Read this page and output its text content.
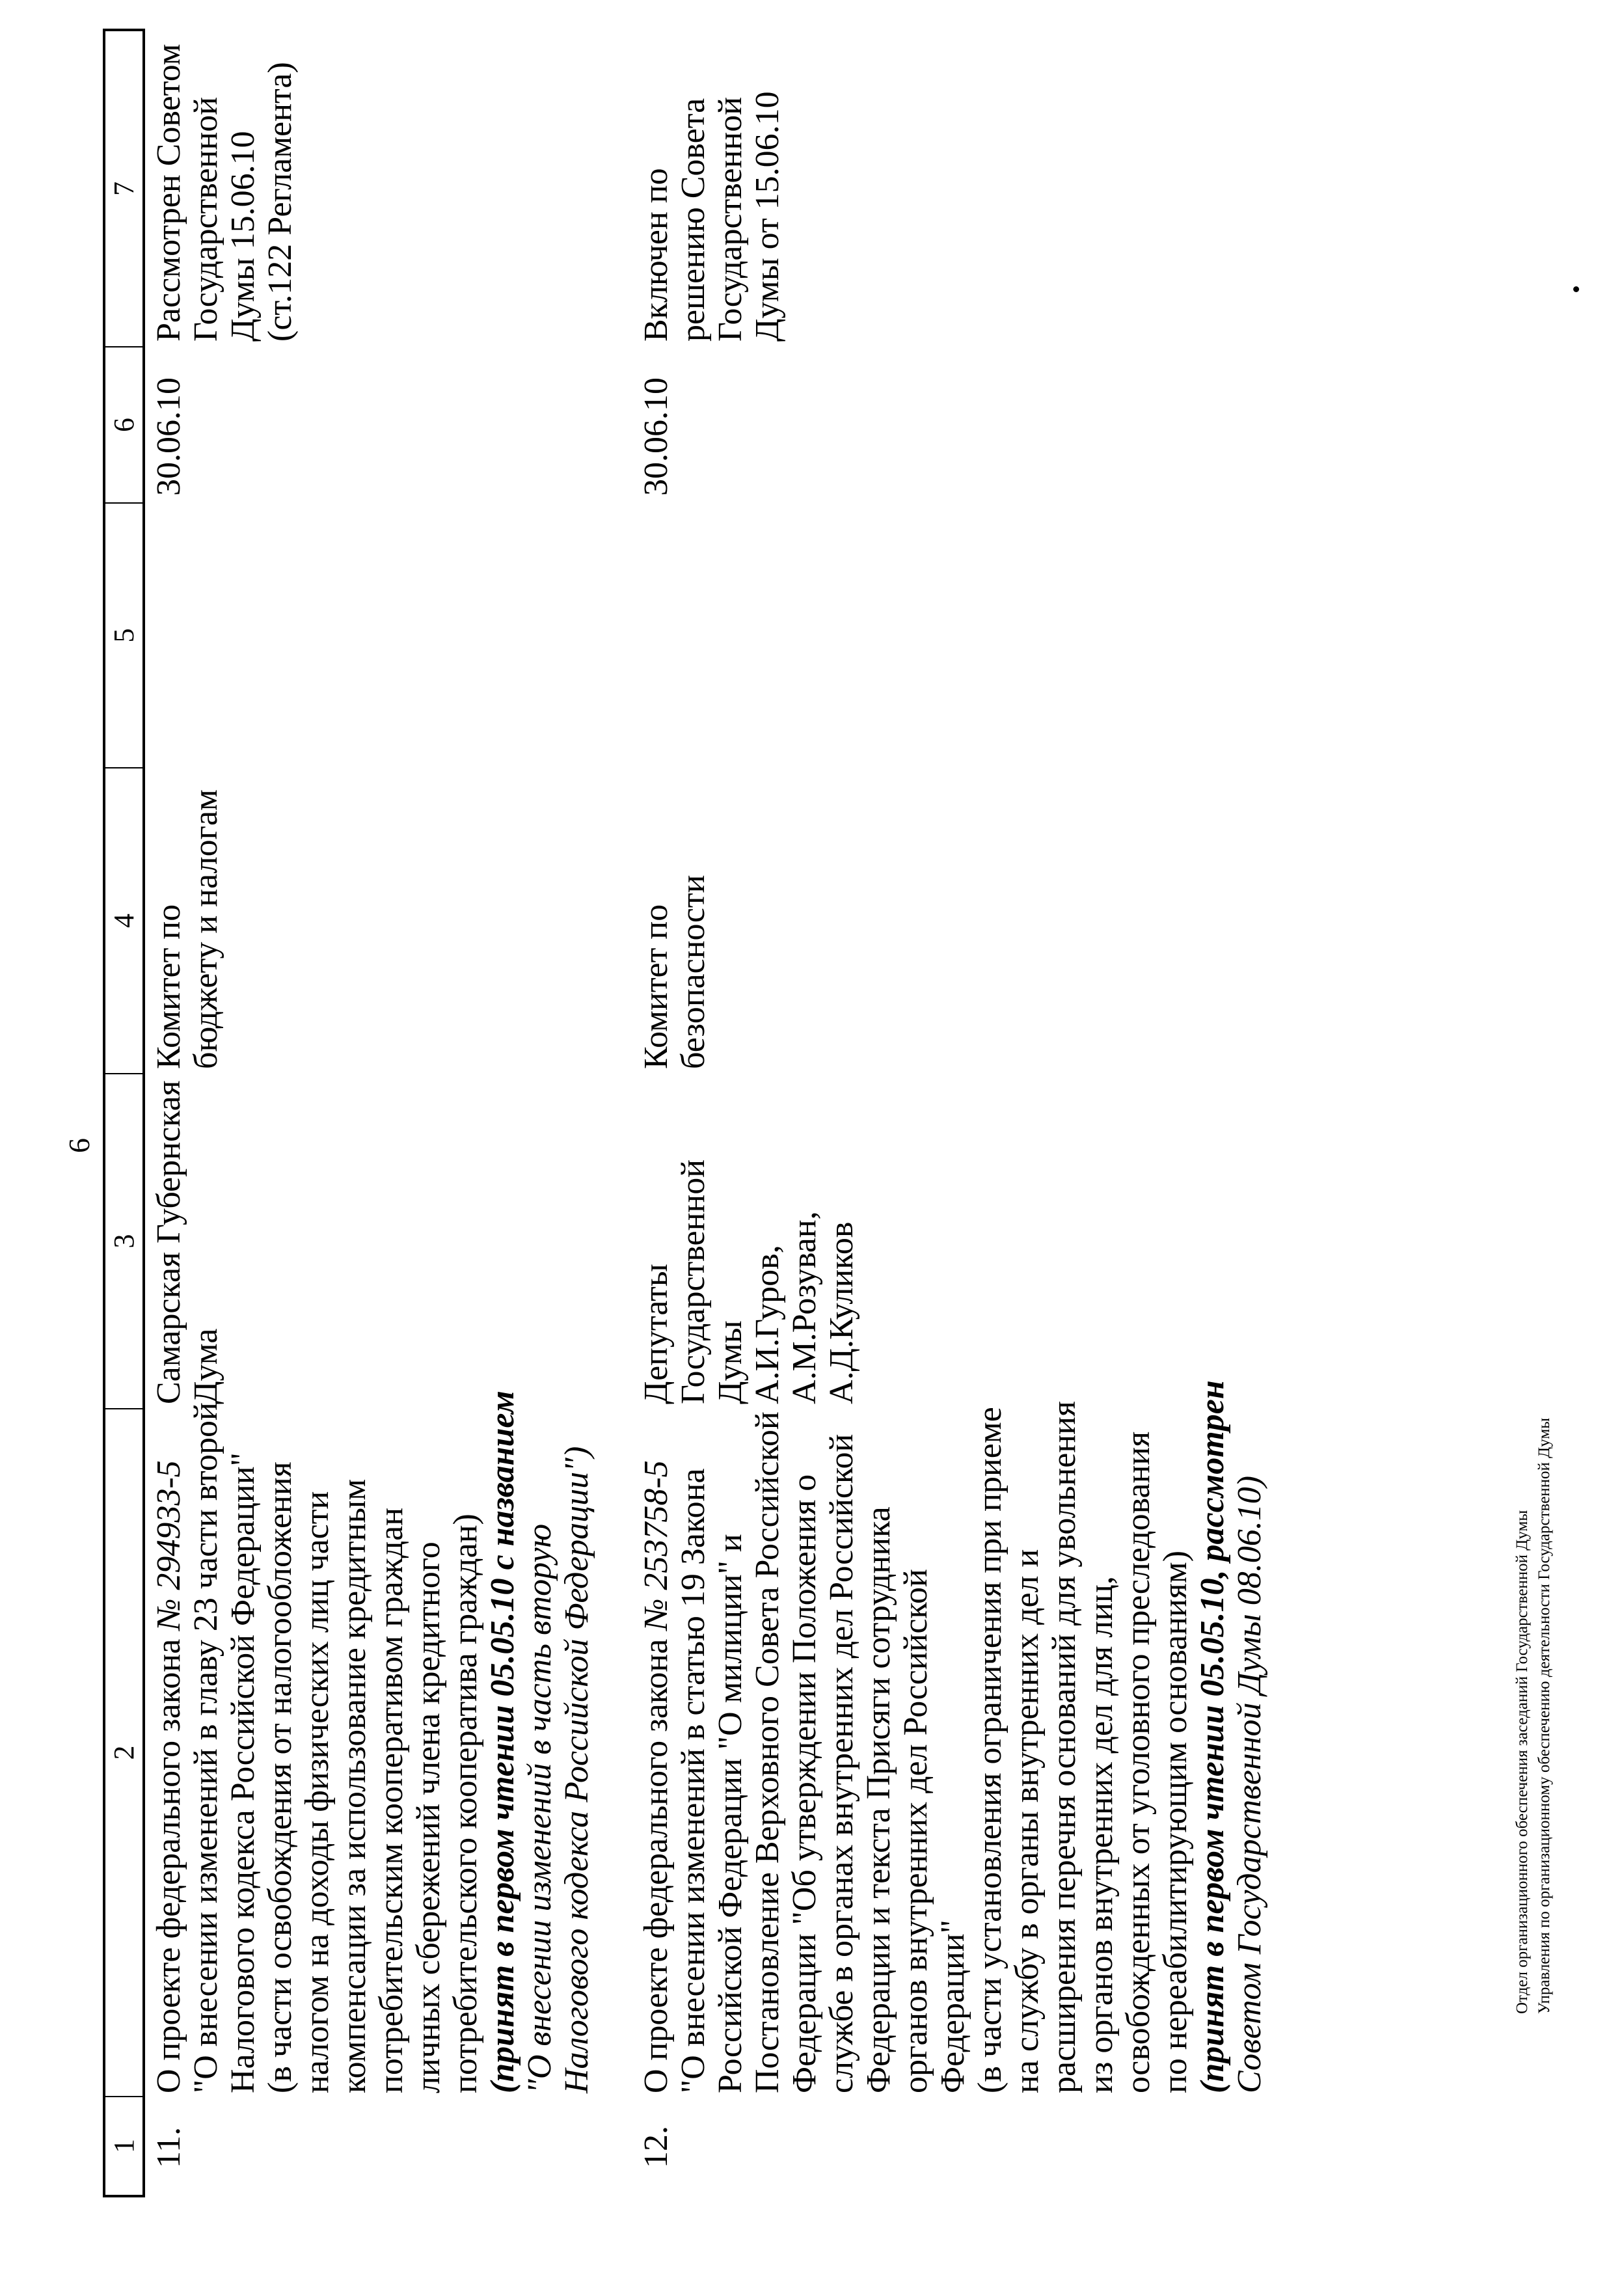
6
1
2
3
4
5
6
7
11.
О проекте федерального закона № 294933-5 "О внесении изменений в главу 23 части второй Налогового кодекса Российской Федерации" (в части освобождения от налогообложения налогом на доходы физических лиц части компенсации за использование кредитным потребительским кооперативом граждан личных сбережений члена кредитного потребительского кооператива граждан) (принят в первом чтении 05.05.10 с названием "О внесении изменений в часть вторую Налогового кодекса Российской Федерации")
Самарская Губернская Дума
Комитет по бюджету и налогам
30.06.10
Рассмотрен Советом Государственной Думы 15.06.10 (ст.122 Регламента)
12.
О проекте федерального закона № 253758-5 "О внесении изменений в статью 19 Закона Российской Федерации "О милиции" и Постановление Верховного Совета Российской Федерации "Об утверждении Положения о службе в органах внутренних дел Российской Федерации и текста Присяги сотрудника органов внутренних дел Российской Федерации" (в части установления ограничения при приеме на службу в органы внутренних дел и расширения перечня оснований для увольнения из органов внутренних дел для лиц, освобожденных от уголовного преследования по нереабилитирующим основаниям) (принят в первом чтении 05.05.10, рассмотрен Советом Государственной Думы 08.06.10)
Депутаты Государственной Думы А.И.Гуров, А.М.Розуван, А.Д.Куликов
Комитет по безопасности
30.06.10
Включен по решению Совета Государственной Думы от 15.06.10
Отдел организационного обеспечения заседаний Государственной Думы Управления по организационному обеспечению деятельности Государственной Думы
